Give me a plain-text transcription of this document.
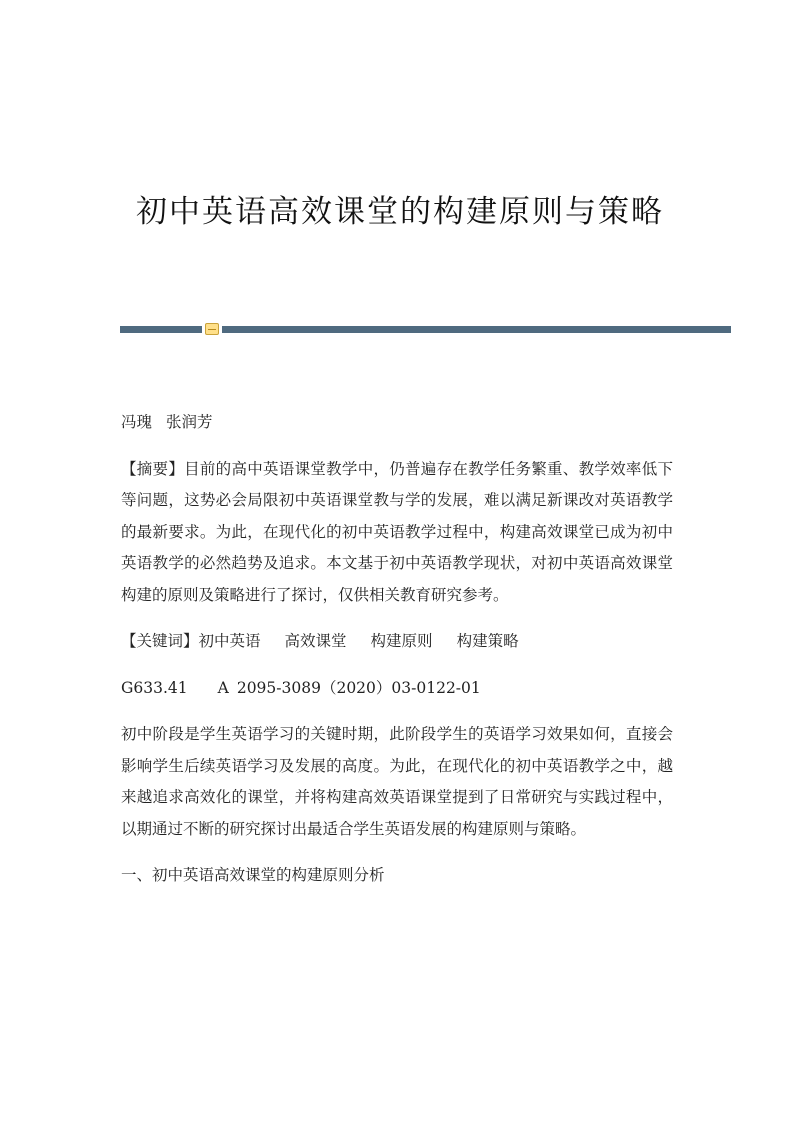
初中英语高效课堂的构建原则与策略

冯瑰 张润芳

【摘要】目前的高中英语课堂教学中，仍普遍存在教学任务繁重、教学效率低下等问题，这势必会局限初中英语课堂教与学的发展，难以满足新课改对英语教学的最新要求。为此，在现代化的初中英语教学过程中，构建高效课堂已成为初中英语教学的必然趋势及追求。本文基于初中英语教学现状，对初中英语高效课堂构建的原则及策略进行了探讨，仅供相关教育研究参考。

【关键词】初中英语 高效课堂 构建原则 构建策略

G633.41 A 2095-3089（2020）03-0122-01

初中阶段是学生英语学习的关键时期，此阶段学生的英语学习效果如何，直接会影响学生后续英语学习及发展的高度。为此，在现代化的初中英语教学之中，越来越追求高效化的课堂，并将构建高效英语课堂提到了日常研究与实践过程中，以期通过不断的研究探讨出最适合学生英语发展的构建原则与策略。

一、初中英语高效课堂的构建原则分析
